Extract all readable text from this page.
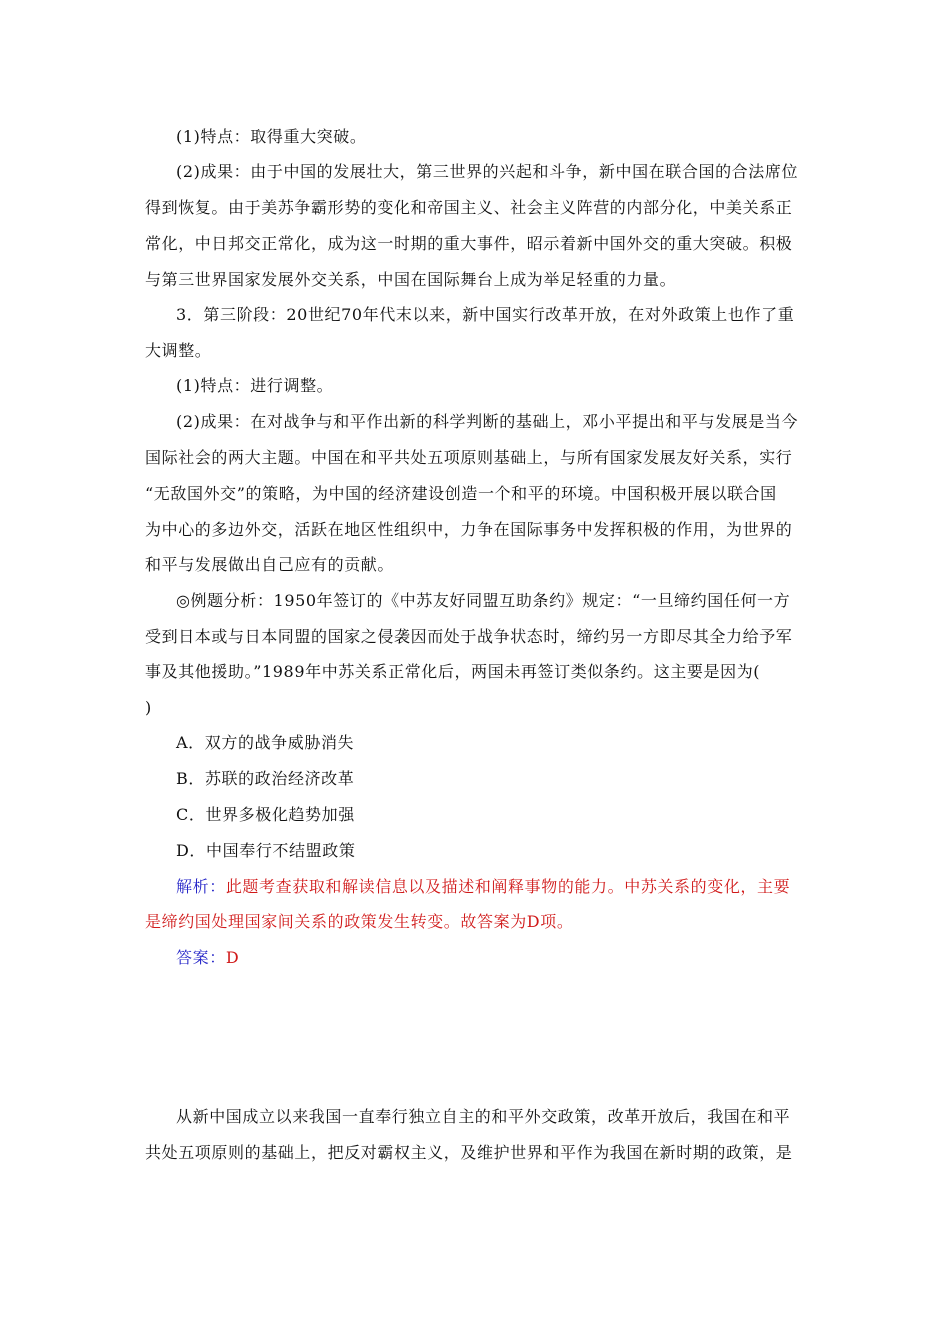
(1)特点：取得重大突破。
(2)成果：由于中国的发展壮大，第三世界的兴起和斗争，新中国在联合国的合法席位
得到恢复。由于美苏争霸形势的变化和帝国主义、社会主义阵营的内部分化，中美关系正
常化，中日邦交正常化，成为这一时期的重大事件，昭示着新中国外交的重大突破。积极
与第三世界国家发展外交关系，中国在国际舞台上成为举足轻重的力量。
3．第三阶段：20世纪70年代末以来，新中国实行改革开放，在对外政策上也作了重
大调整。
(1)特点：进行调整。
(2)成果：在对战争与和平作出新的科学判断的基础上，邓小平提出和平与发展是当今
国际社会的两大主题。中国在和平共处五项原则基础上，与所有国家发展友好关系，实行
“无敌国外交”的策略，为中国的经济建设创造一个和平的环境。中国积极开展以联合国
为中心的多边外交，活跃在地区性组织中，力争在国际事务中发挥积极的作用，为世界的
和平与发展做出自己应有的贡献。
◎例题分析：1950年签订的《中苏友好同盟互助条约》规定：“一旦缔约国任何一方
受到日本或与日本同盟的国家之侵袭因而处于战争状态时，缔约另一方即尽其全力给予军
事及其他援助。”1989年中苏关系正常化后，两国未再签订类似条约。这主要是因为(
)
A．双方的战争威胁消失
B．苏联的政治经济改革
C．世界多极化趋势加强
D．中国奉行不结盟政策
解析：此题考查获取和解读信息以及描述和阐释事物的能力。中苏关系的变化，主要
是缔约国处理国家间关系的政策发生转变。故答案为D项。
答案：D
从新中国成立以来我国一直奉行独立自主的和平外交政策，改革开放后，我国在和平
共处五项原则的基础上，把反对霸权主义，及维护世界和平作为我国在新时期的政策，是
